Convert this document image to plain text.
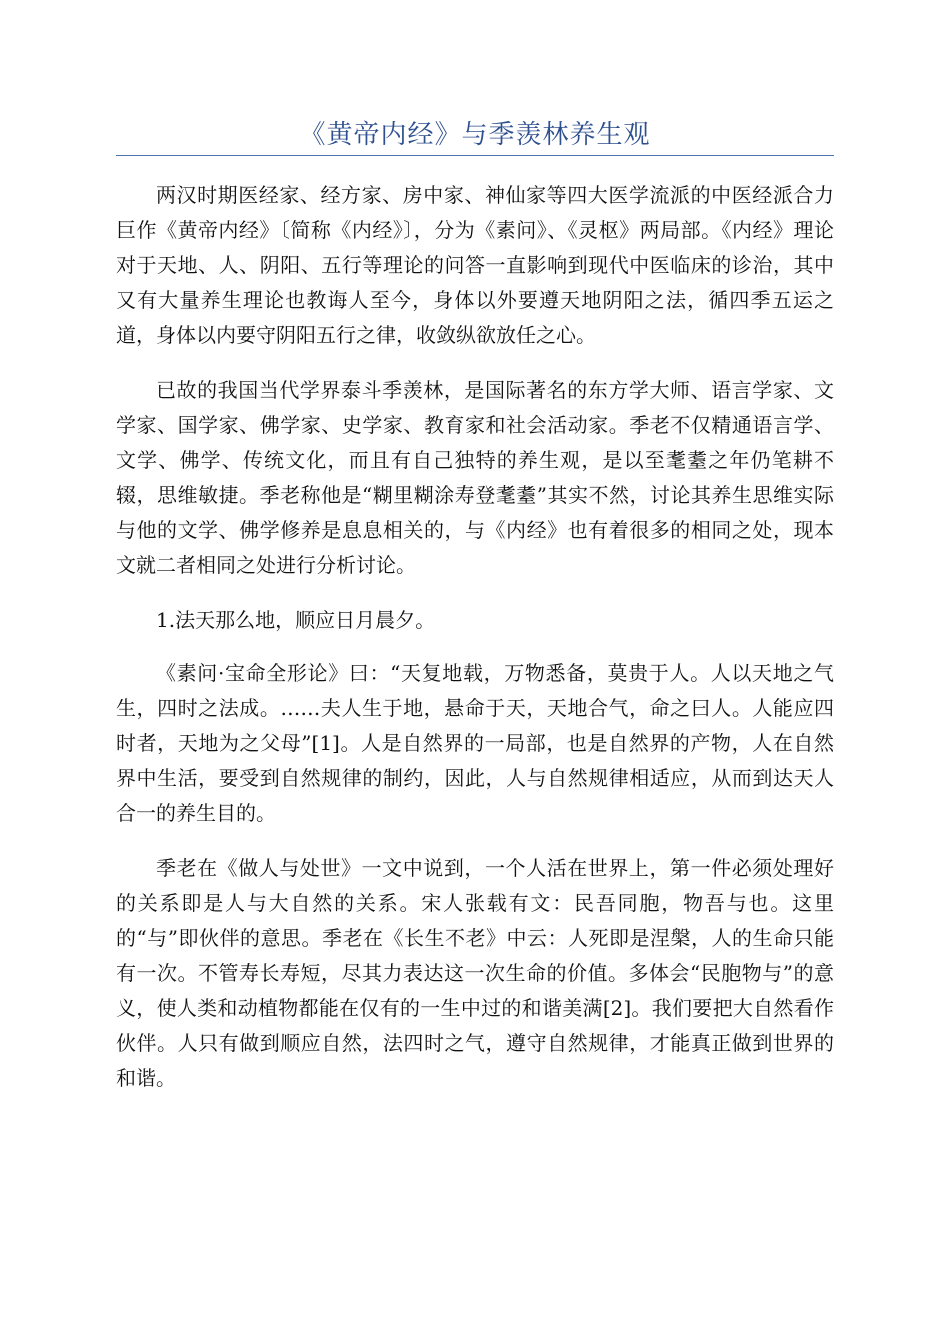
《黄帝内经》与季羡林养生观

两汉时期医经家、经方家、房中家、神仙家等四大医学流派的中医经派合力巨作《黄帝内经》〔简称《内经》〕，分为《素问》、《灵枢》两局部。《内经》理论对于天地、人、阴阳、五行等理论的问答一直影响到现代中医临床的诊治，其中又有大量养生理论也教诲人至今，身体以外要遵天地阴阳之法，循四季五运之道，身体以内要守阴阳五行之律，收敛纵欲放任之心。

已故的我国当代学界泰斗季羡林，是国际著名的东方学大师、语言学家、文学家、国学家、佛学家、史学家、教育家和社会活动家。季老不仅精通语言学、文学、佛学、传统文化，而且有自己独特的养生观，是以至耄耋之年仍笔耕不辍，思维敏捷。季老称他是“糊里糊涂寿登耄耋”其实不然，讨论其养生思维实际与他的文学、佛学修养是息息相关的，与《内经》也有着很多的相同之处，现本文就二者相同之处进行分析讨论。

1.法天那么地，顺应日月晨夕。

《素问·宝命全形论》曰：“天复地载，万物悉备，莫贵于人。人以天地之气生，四时之法成。……夫人生于地，悬命于天，天地合气，命之曰人。人能应四时者，天地为之父母”[1]。人是自然界的一局部，也是自然界的产物，人在自然界中生活，要受到自然规律的制约，因此，人与自然规律相适应，从而到达天人合一的养生目的。

季老在《做人与处世》一文中说到，一个人活在世界上，第一件必须处理好的关系即是人与大自然的关系。宋人张载有文：民吾同胞，物吾与也。这里的“与”即伙伴的意思。季老在《长生不老》中云：人死即是涅槃，人的生命只能有一次。不管寿长寿短，尽其力表达这一次生命的价值。多体会“民胞物与”的意义，使人类和动植物都能在仅有的一生中过的和谐美满[2]。我们要把大自然看作伙伴。人只有做到顺应自然，法四时之气，遵守自然规律，才能真正做到世界的和谐。
